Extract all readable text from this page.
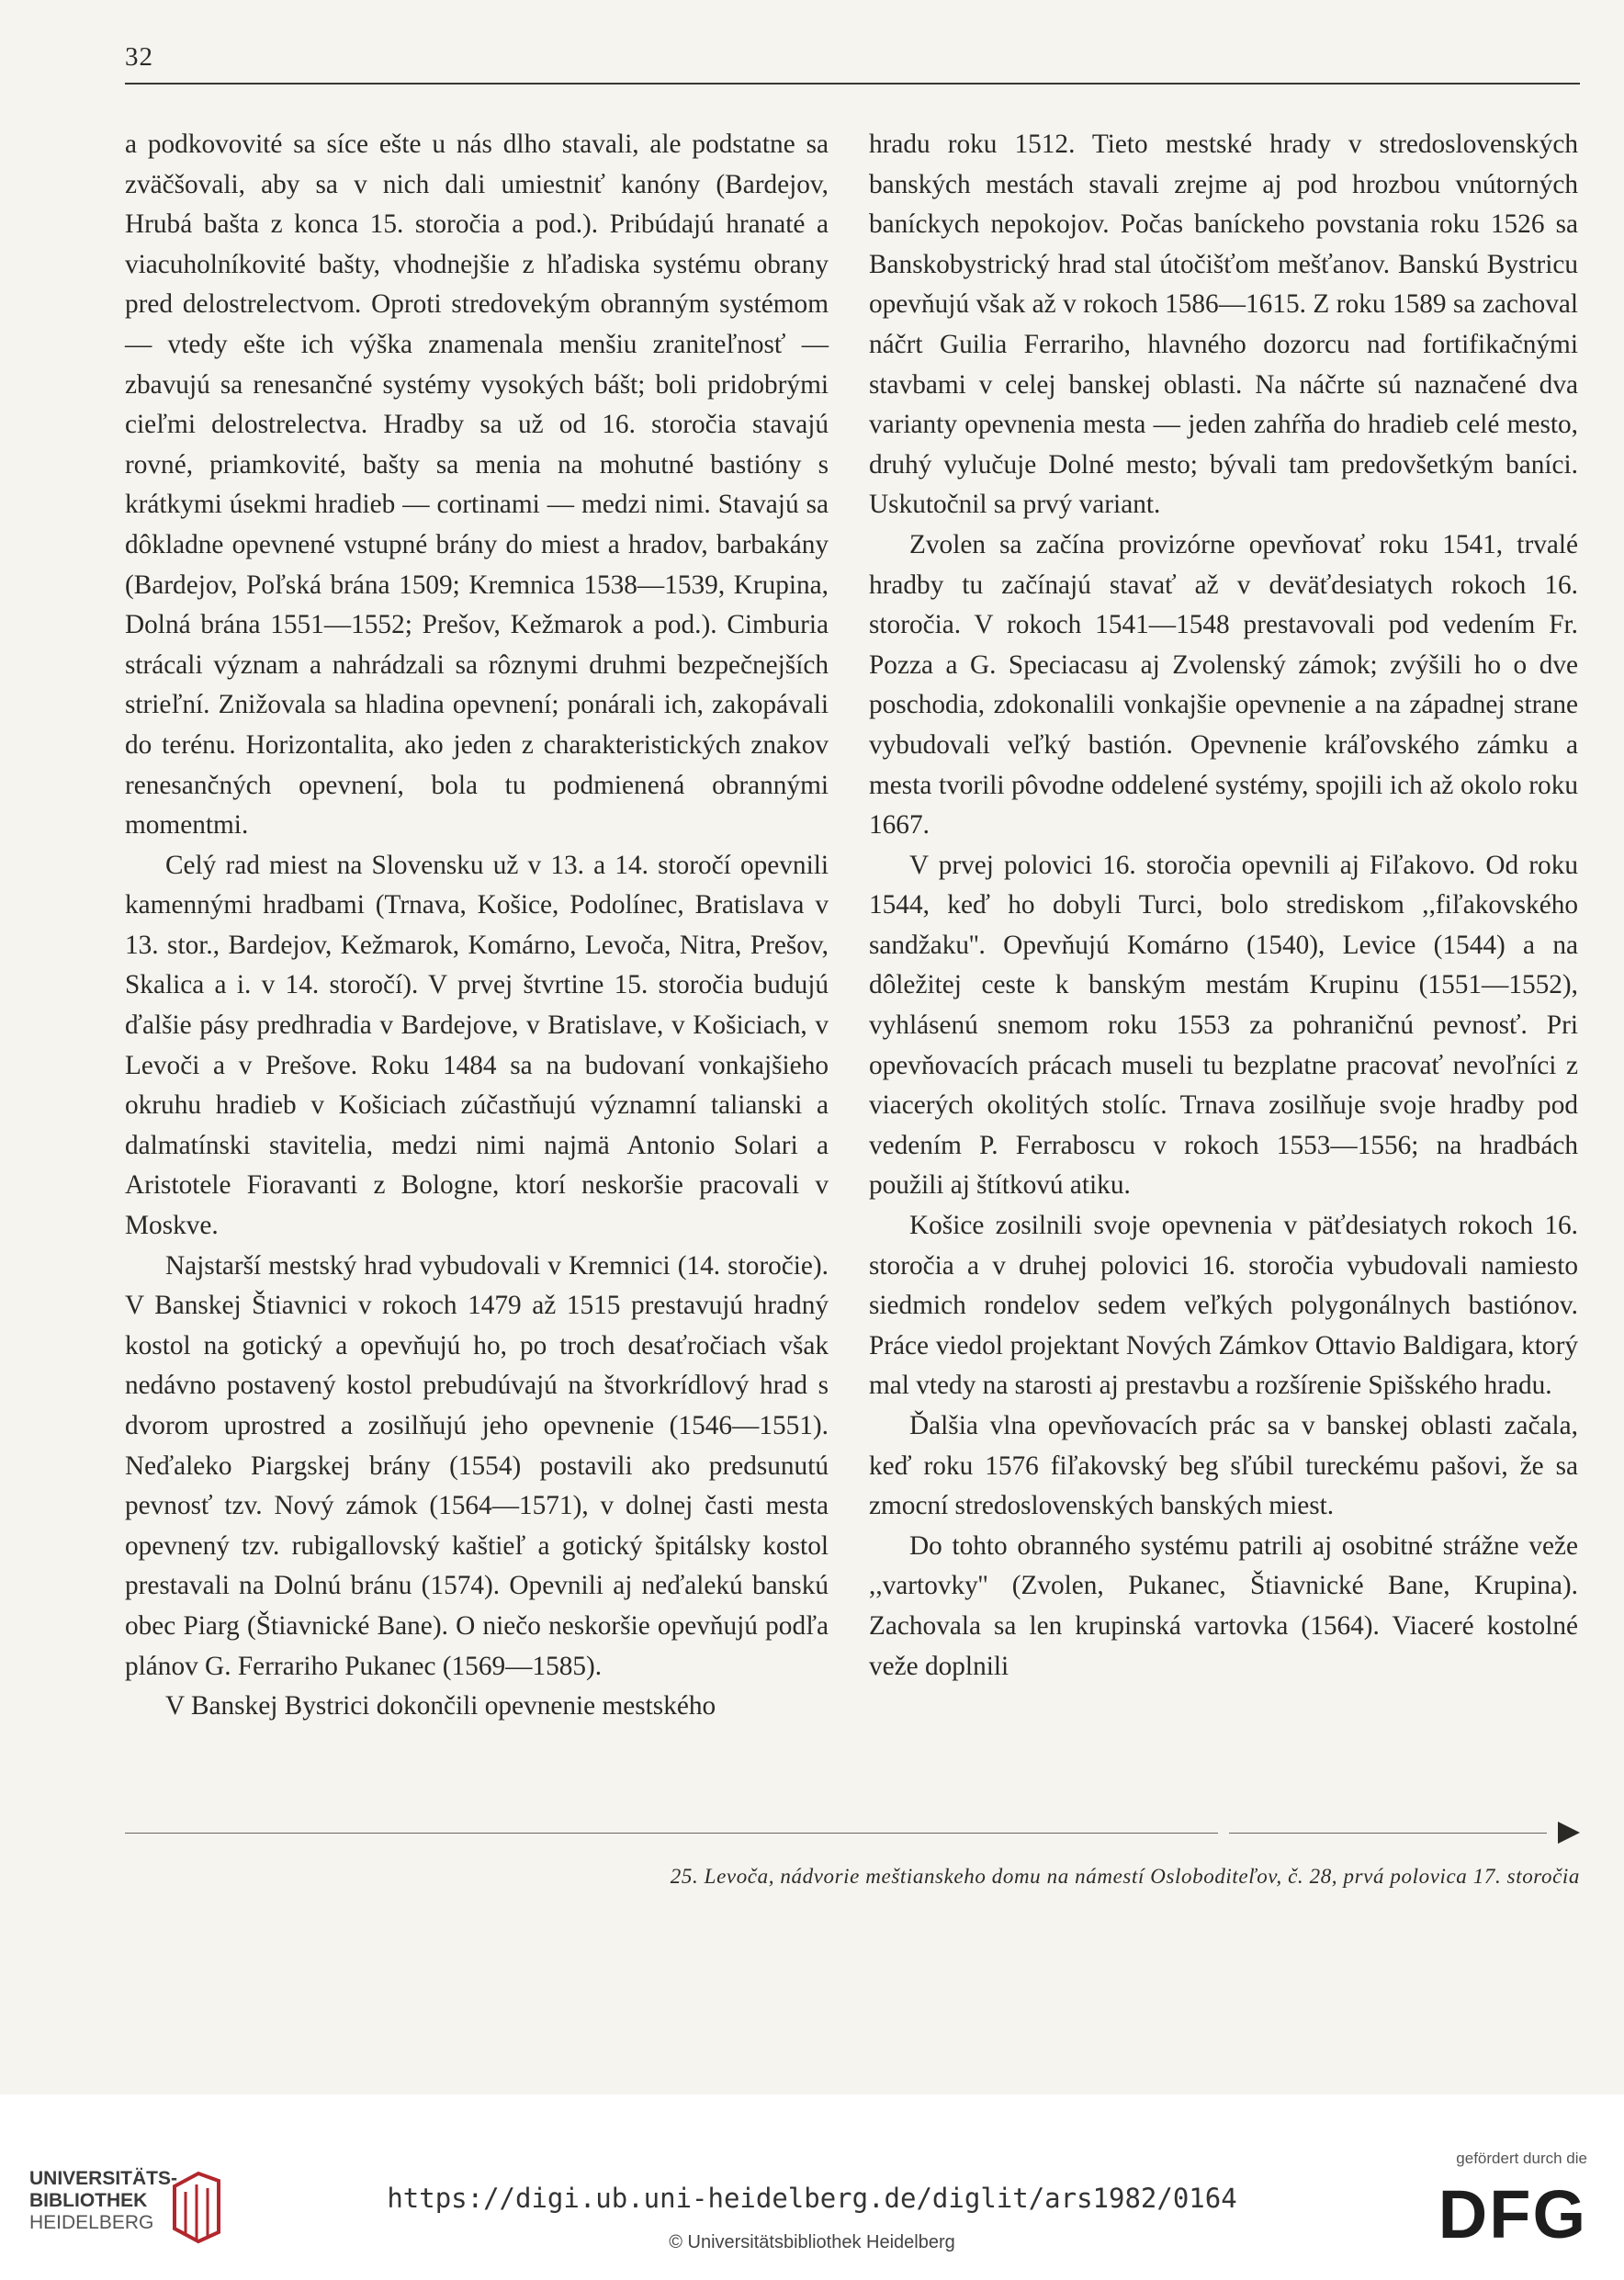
32

a podkovovité sa síce ešte u nás dlho stavali, ale podstatne sa zväčšovali, aby sa v nich dali umiestniť kanóny (Bardejov, Hrubá bašta z konca 15. storočia a pod.). Pribúdajú hranaté a viacuholníkovité bašty, vhodnejšie z hľadiska systému obrany pred delostrelectvom. Oproti stredovekým obranným systémom — vtedy ešte ich výška znamenala menšiu zraniteľnosť — zbavujú sa renesančné systémy vysokých bášt; boli pridobrými cieľmi delostrelectva. Hradby sa už od 16. storočia stavajú rovné, priamkovité, bašty sa menia na mohutné bastióny s krátkymi úsekmi hradieb — cortinami — medzi nimi. Stavajú sa dôkladne opevnené vstupné brány do miest a hradov, barbakány (Bardejov, Poľská brána 1509; Kremnica 1538—1539, Krupina, Dolná brána 1551—1552; Prešov, Kežmarok a pod.). Cimburia strácali význam a nahrádzali sa rôznymi druhmi bezpečnejších strieľní. Znižovala sa hladina opevnení; ponárali ich, zakopávali do terénu. Horizontalita, ako jeden z charakteristických znakov renesančných opevnení, bola tu podmienená obrannými momentmi.

Celý rad miest na Slovensku už v 13. a 14. storočí opevnili kamennými hradbami (Trnava, Košice, Podolínec, Bratislava v 13. stor., Bardejov, Kežmarok, Komárno, Levoča, Nitra, Prešov, Skalica a i. v 14. storočí). V prvej štvrtine 15. storočia budujú ďalšie pásy predhradia v Bardejove, v Bratislave, v Košiciach, v Levoči a v Prešove. Roku 1484 sa na budovaní vonkajšieho okruhu hradieb v Košiciach zúčastňujú významní talianski a dalmatínski stavitelia, medzi nimi najmä Antonio Solari a Aristotele Fioravanti z Bologne, ktorí neskoršie pracovali v Moskve.

Najstarší mestský hrad vybudovali v Kremnici (14. storočie). V Banskej Štiavnici v rokoch 1479 až 1515 prestavujú hradný kostol na gotický a opevňujú ho, po troch desaťročiach však nedávno postavený kostol prebudúvajú na štvorkrídlový hrad s dvorom uprostred a zosilňujú jeho opevnenie (1546—1551). Neďaleko Piargskej brány (1554) postavili ako predsunutú pevnosť tzv. Nový zámok (1564—1571), v dolnej časti mesta opevnený tzv. rubigallovský kaštieľ a gotický špitálsky kostol prestavali na Dolnú bránu (1574). Opevnili aj neďalekú banskú obec Piarg (Štiavnické Bane). O niečo neskoršie opevňujú podľa plánov G. Ferrariho Pukanec (1569—1585).

V Banskej Bystrici dokončili opevnenie mestského

hradu roku 1512. Tieto mestské hrady v stredoslovenských banských mestách stavali zrejme aj pod hrozbou vnútorných baníckych nepokojov. Počas baníckeho povstania roku 1526 sa Banskobystrický hrad stal útočišťom mešťanov. Banskú Bystricu opevňujú však až v rokoch 1586—1615. Z roku 1589 sa zachoval náčrt Guilia Ferrariho, hlavného dozorcu nad fortifikačnými stavbami v celej banskej oblasti. Na náčrte sú naznačené dva varianty opevnenia mesta — jeden zahŕňa do hradieb celé mesto, druhý vylučuje Dolné mesto; bývali tam predovšetkým baníci. Uskutočnil sa prvý variant.

Zvolen sa začína provizórne opevňovať roku 1541, trvalé hradby tu začínajú stavať až v deväťdesiatych rokoch 16. storočia. V rokoch 1541—1548 prestavovali pod vedením Fr. Pozza a G. Speciacasu aj Zvolenský zámok; zvýšili ho o dve poschodia, zdokonalili vonkajšie opevnenie a na západnej strane vybudovali veľký bastión. Opevnenie kráľovského zámku a mesta tvorili pôvodne oddelené systémy, spojili ich až okolo roku 1667.

V prvej polovici 16. storočia opevnili aj Fiľakovo. Od roku 1544, keď ho dobyli Turci, bolo strediskom ,,fiľakovského sandžaku''. Opevňujú Komárno (1540), Levice (1544) a na dôležitej ceste k banským mestám Krupinu (1551—1552), vyhlásenú snemom roku 1553 za pohraničnú pevnosť. Pri opevňovacích prácach museli tu bezplatne pracovať nevoľníci z viacerých okolitých stolíc. Trnava zosilňuje svoje hradby pod vedením P. Ferraboscu v rokoch 1553—1556; na hradbách použili aj štítkovú atiku.

Košice zosilnili svoje opevnenia v päťdesiatych rokoch 16. storočia a v druhej polovici 16. storočia vybudovali namiesto siedmich rondelov sedem veľkých polygonálnych bastiónov. Práce viedol projektant Nových Zámkov Ottavio Baldigara, ktorý mal vtedy na starosti aj prestavbu a rozšírenie Spišského hradu.

Ďalšia vlna opevňovacích prác sa v banskej oblasti začala, keď roku 1576 fiľakovský beg sľúbil tureckému pašovi, že sa zmocní stredoslovenských banských miest.

Do tohto obranného systému patrili aj osobitné strážne veže ,,vartovky'' (Zvolen, Pukanec, Štiavnické Bane, Krupina). Zachovala sa len krupinská vartovka (1564). Viaceré kostolné veže doplnili

25. Levoča, nádvorie meštianskeho domu na námestí Osloboditeľov, č. 28, prvá polovica 17. storočia
UNIVERSITÄTS-
BIBLIOTHEK
HEIDELBERG
https://digi.ub.uni-heidelberg.de/diglit/ars1982/0164
© Universitätsbibliothek Heidelberg
gefördert durch die
DFG
